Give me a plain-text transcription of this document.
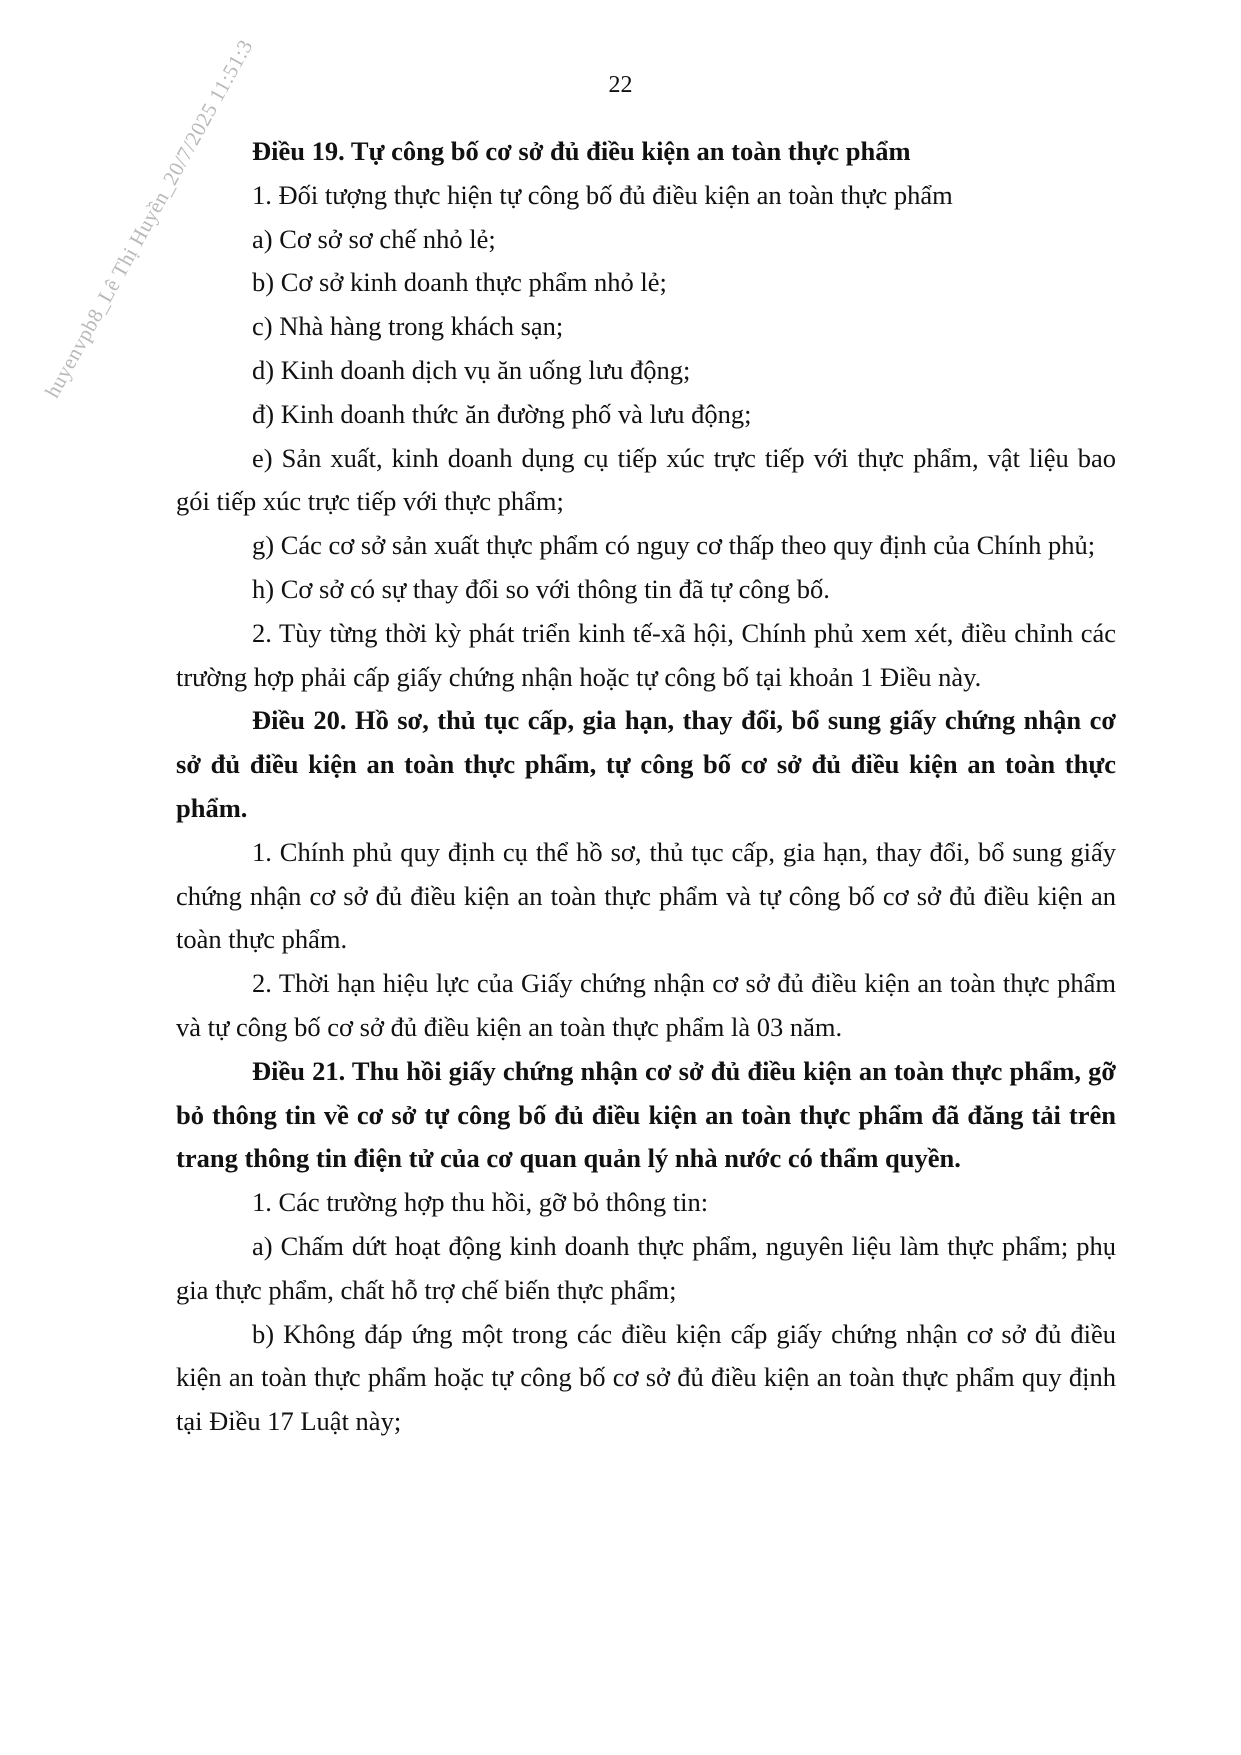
22
huyenvpb8_Lê Thị Huyền_20/7/2025 11:51:3

Điều 19. Tự công bố cơ sở đủ điều kiện an toàn thực phẩm

1. Đối tượng thực hiện tự công bố đủ điều kiện an toàn thực phẩm

a) Cơ sở sơ chế nhỏ lẻ;

b) Cơ sở kinh doanh thực phẩm nhỏ lẻ;

c) Nhà hàng trong khách sạn;

d) Kinh doanh dịch vụ ăn uống lưu động;

đ) Kinh doanh thức ăn đường phố và lưu động;

e) Sản xuất, kinh doanh dụng cụ tiếp xúc trực tiếp với thực phẩm, vật liệu bao gói tiếp xúc trực tiếp với thực phẩm;

g) Các cơ sở sản xuất thực phẩm có nguy cơ thấp theo quy định của Chính phủ;

h) Cơ sở có sự thay đổi so với thông tin đã tự công bố.

2. Tùy từng thời kỳ phát triển kinh tế-xã hội, Chính phủ xem xét, điều chỉnh các trường hợp phải cấp giấy chứng nhận hoặc tự công bố tại khoản 1 Điều này.

Điều 20. Hồ sơ, thủ tục cấp, gia hạn, thay đổi, bổ sung giấy chứng nhận cơ sở đủ điều kiện an toàn thực phẩm, tự công bố cơ sở đủ điều kiện an toàn thực phẩm.

1. Chính phủ quy định cụ thể hồ sơ, thủ tục cấp, gia hạn, thay đổi, bổ sung giấy chứng nhận cơ sở đủ điều kiện an toàn thực phẩm và tự công bố cơ sở đủ điều kiện an toàn thực phẩm.

2. Thời hạn hiệu lực của Giấy chứng nhận cơ sở đủ điều kiện an toàn thực phẩm và tự công bố cơ sở đủ điều kiện an toàn thực phẩm là 03 năm.

Điều 21. Thu hồi giấy chứng nhận cơ sở đủ điều kiện an toàn thực phẩm, gỡ bỏ thông tin về cơ sở tự công bố đủ điều kiện an toàn thực phẩm đã đăng tải trên trang thông tin điện tử của cơ quan quản lý nhà nước có thẩm quyền.

1. Các trường hợp thu hồi, gỡ bỏ thông tin:

a) Chấm dứt hoạt động kinh doanh thực phẩm, nguyên liệu làm thực phẩm; phụ gia thực phẩm, chất hỗ trợ chế biến thực phẩm;

b) Không đáp ứng một trong các điều kiện cấp giấy chứng nhận cơ sở đủ điều kiện an toàn thực phẩm hoặc tự công bố cơ sở đủ điều kiện an toàn thực phẩm quy định tại Điều 17 Luật này;
